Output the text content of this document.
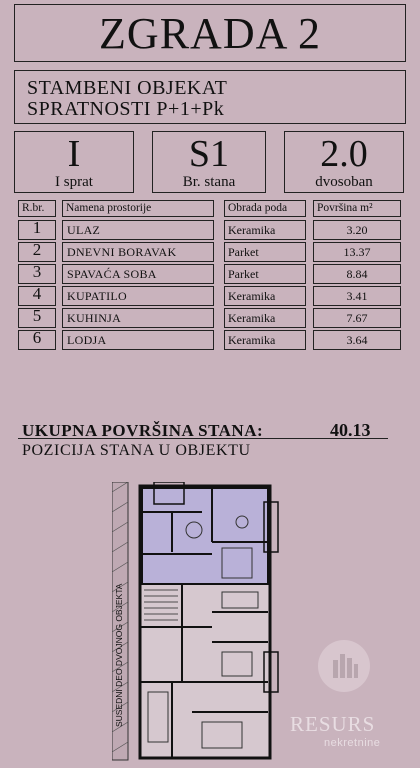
ZGRADA 2
STAMBENI OBJEKAT
SPRATNOSTI P+1+Pk
I
I sprat
S1
Br. stana
2.0
dvosoban
R.br.	Namena prostorije	Obrada poda	Površina m²
1	ULAZ	Keramika	3.20
2	DNEVNI BORAVAK	Parket	13.37
3	SPAVAĆA SOBA	Parket	8.84
4	KUPATILO	Keramika	3.41
5	KUHINJA	Keramika	7.67
6	LODJA	Keramika	3.64
UKUPNA POVRŠINA STANA:	40.13
POZICIJA STANA U OBJEKTU
SUSEDNI DEO DVOJNOG OBJEKTA	RESURS
nekretnine
